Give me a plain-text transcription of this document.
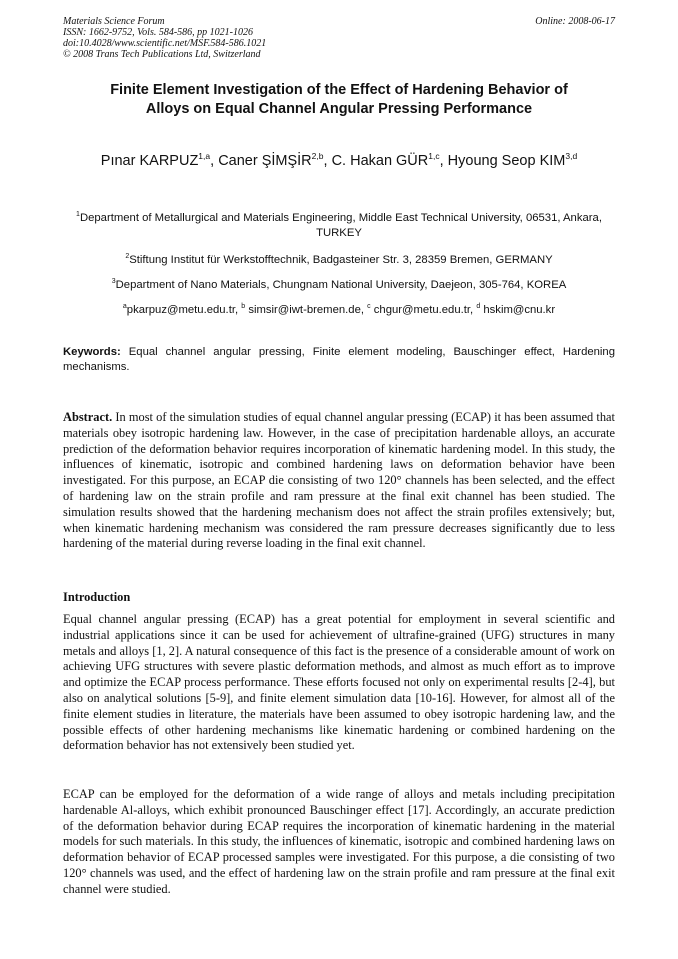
Materials Science Forum
ISSN: 1662-9752, Vols. 584-586, pp 1021-1026
doi:10.4028/www.scientific.net/MSF.584-586.1021
© 2008 Trans Tech Publications Ltd, Switzerland
Online: 2008-06-17
Finite Element Investigation of the Effect of Hardening Behavior of
Alloys on Equal Channel Angular Pressing Performance
Pınar KARPUZ$^{1,a}$, Caner ŞİMŞİR$^{2,b}$, C. Hakan GÜR$^{1,c}$, Hyoung Seop KIM$^{3,d}$
$^1$Department of Metallurgical and Materials Engineering, Middle East Technical University, 06531, Ankara, TURKEY
$^2$Stiftung Institut für Werkstofftechnik, Badgasteiner Str. 3, 28359 Bremen, GERMANY
$^3$Department of Nano Materials, Chungnam National University, Daejeon, 305-764, KOREA
$^a$pkarpuz@metu.edu.tr, $^b$ simsir@iwt-bremen.de, $^c$ chgur@metu.edu.tr, $^d$ hskim@cnu.kr
Keywords: Equal channel angular pressing, Finite element modeling, Bauschinger effect, Hardening mechanisms.
Abstract. In most of the simulation studies of equal channel angular pressing (ECAP) it has been assumed that materials obey isotropic hardening law. However, in the case of precipitation hardenable alloys, an accurate prediction of the deformation behavior requires incorporation of kinematic hardening model. In this study, the influences of kinematic, isotropic and combined hardening laws on deformation behavior have been investigated. For this purpose, an ECAP die consisting of two 120° channels has been selected, and the effect of hardening law on the strain profile and ram pressure at the final exit channel has been studied. The simulation results showed that the hardening mechanism does not affect the strain profiles extensively; but, when kinematic hardening mechanism was considered the ram pressure decreases significantly due to less hardening of the material during reverse loading in the final exit channel.
Introduction
Equal channel angular pressing (ECAP) has a great potential for employment in several scientific and industrial applications since it can be used for achievement of ultrafine-grained (UFG) structures in many metals and alloys [1, 2]. A natural consequence of this fact is the presence of a considerable amount of work on achieving UFG structures with severe plastic deformation methods, and almost as much effort as to improve and optimize the ECAP process performance. These efforts focused not only on experimental results [2-4], but also on analytical solutions [5-9], and finite element simulation data [10-16]. However, for almost all of the finite element studies in literature, the materials have been assumed to obey isotropic hardening law, and the possible effects of other hardening mechanisms like kinematic hardening or combined hardening on the deformation behavior has not extensively been studied yet.
ECAP can be employed for the deformation of a wide range of alloys and metals including precipitation hardenable Al-alloys, which exhibit pronounced Bauschinger effect [17]. Accordingly, an accurate prediction of the deformation behavior during ECAP requires the incorporation of kinematic hardening in the material models for such materials. In this study, the influences of kinematic, isotropic and combined hardening laws on deformation behavior of ECAP processed samples were investigated. For this purpose, a die consisting of two 120° channels was used, and the effect of hardening law on the strain profile and ram pressure at the final exit channel were studied.
